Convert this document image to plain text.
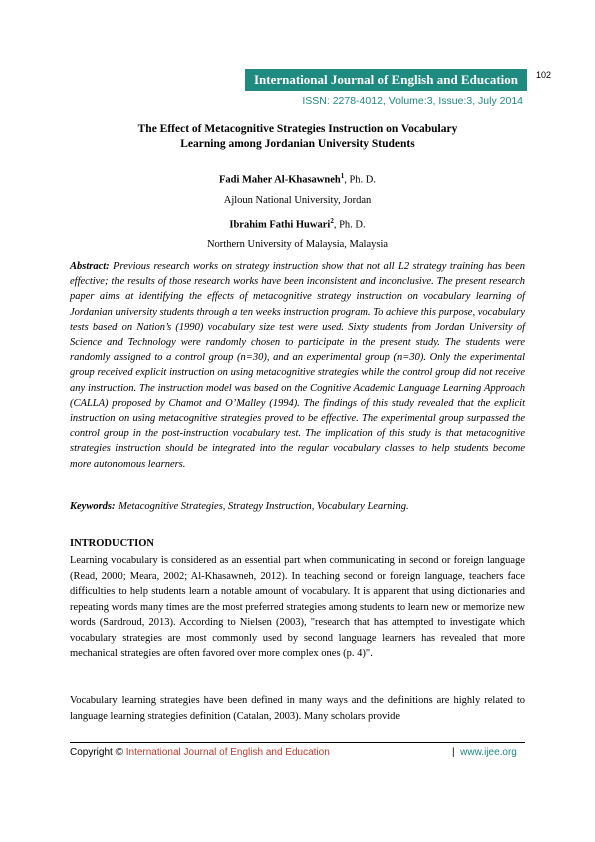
International Journal of English and Education 102
ISSN: 2278-4012, Volume:3, Issue:3, July 2014
The Effect of Metacognitive Strategies Instruction on Vocabulary
Learning among Jordanian University Students
Fadi Maher Al-Khasawneh$^1$, Ph. D.
Ajloun National University, Jordan
Ibrahim Fathi Huwari$^2$, Ph. D.
Northern University of Malaysia, Malaysia
Abstract: Previous research works on strategy instruction show that not all L2 strategy training has been effective; the results of those research works have been inconsistent and inconclusive. The present research paper aims at identifying the effects of metacognitive strategy instruction on vocabulary learning of Jordanian university students through a ten weeks instruction program. To achieve this purpose, vocabulary tests based on Nation’s (1990) vocabulary size test were used. Sixty students from Jordan University of Science and Technology were randomly chosen to participate in the present study. The students were randomly assigned to a control group (n=30), and an experimental group (n=30). Only the experimental group received explicit instruction on using metacognitive strategies while the control group did not receive any instruction. The instruction model was based on the Cognitive Academic Language Learning Approach (CALLA) proposed by Chamot and O’Malley (1994). The findings of this study revealed that the explicit instruction on using metacognitive strategies proved to be effective. The experimental group surpassed the control group in the post-instruction vocabulary test. The implication of this study is that metacognitive strategies instruction should be integrated into the regular vocabulary classes to help students become more autonomous learners.
Keywords: Metacognitive Strategies, Strategy Instruction, Vocabulary Learning.
INTRODUCTION
Learning vocabulary is considered as an essential part when communicating in second or foreign language (Read, 2000; Meara, 2002; Al-Khasawneh, 2012). In teaching second or foreign language, teachers face difficulties to help students learn a notable amount of vocabulary. It is apparent that using dictionaries and repeating words many times are the most preferred strategies among students to learn new or memorize new words (Sardroud, 2013). According to Nielsen (2003), "research that has attempted to investigate which vocabulary strategies are most commonly used by second language learners has revealed that more mechanical strategies are often favored over more complex ones (p. 4)".
Vocabulary learning strategies have been defined in many ways and the definitions are highly related to language learning strategies definition (Catalan, 2003). Many scholars provide
Copyright © International Journal of English and Education	| www.ijee.org
